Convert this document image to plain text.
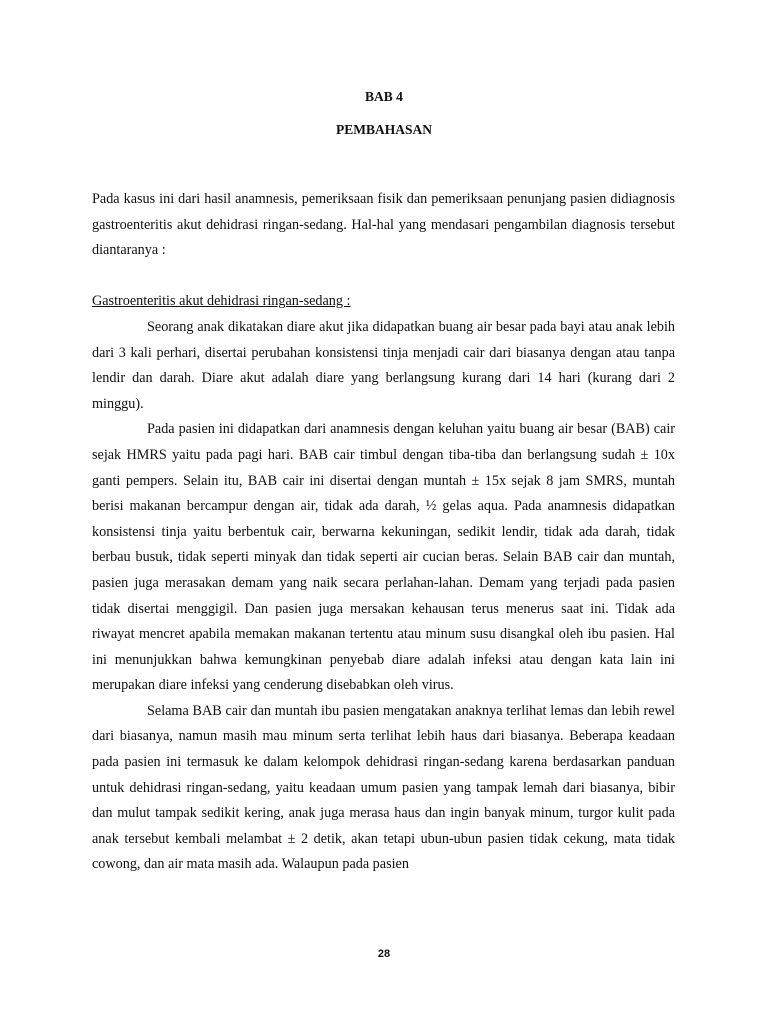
BAB 4
PEMBAHASAN

Pada kasus ini dari hasil anamnesis, pemeriksaan fisik dan pemeriksaan penunjang pasien didiagnosis gastroenteritis akut dehidrasi ringan-sedang. Hal-hal yang mendasari pengambilan diagnosis tersebut diantaranya :

Gastroenteritis akut dehidrasi ringan-sedang :

Seorang anak dikatakan diare akut jika didapatkan buang air besar pada bayi atau anak lebih dari 3 kali perhari, disertai perubahan konsistensi tinja menjadi cair dari biasanya dengan atau tanpa lendir dan darah. Diare akut adalah diare yang berlangsung kurang dari 14 hari (kurang dari 2 minggu).

Pada pasien ini didapatkan dari anamnesis dengan keluhan yaitu buang air besar (BAB) cair sejak HMRS yaitu pada pagi hari. BAB cair timbul dengan tiba-tiba dan berlangsung sudah ± 10x ganti pempers. Selain itu, BAB cair ini disertai dengan muntah ± 15x sejak 8 jam SMRS, muntah berisi makanan bercampur dengan air, tidak ada darah, ½ gelas aqua. Pada anamnesis didapatkan konsistensi tinja yaitu berbentuk cair, berwarna kekuningan, sedikit lendir, tidak ada darah, tidak berbau busuk, tidak seperti minyak dan tidak seperti air cucian beras. Selain BAB cair dan muntah, pasien juga merasakan demam yang naik secara perlahan-lahan. Demam yang terjadi pada pasien tidak disertai menggigil. Dan pasien juga mersakan kehausan terus menerus saat ini. Tidak ada riwayat mencret apabila memakan makanan tertentu atau minum susu disangkal oleh ibu pasien. Hal ini menunjukkan bahwa kemungkinan penyebab diare adalah infeksi atau dengan kata lain ini merupakan diare infeksi yang cenderung disebabkan oleh virus.

Selama BAB cair dan muntah ibu pasien mengatakan anaknya terlihat lemas dan lebih rewel dari biasanya, namun masih mau minum serta terlihat lebih haus dari biasanya. Beberapa keadaan pada pasien ini termasuk ke dalam kelompok dehidrasi ringan-sedang karena berdasarkan panduan untuk dehidrasi ringan-sedang, yaitu keadaan umum pasien yang tampak lemah dari biasanya, bibir dan mulut tampak sedikit kering, anak juga merasa haus dan ingin banyak minum, turgor kulit pada anak tersebut kembali melambat ± 2 detik, akan tetapi ubun-ubun pasien tidak cekung, mata tidak cowong, dan air mata masih ada. Walaupun pada pasien

28
